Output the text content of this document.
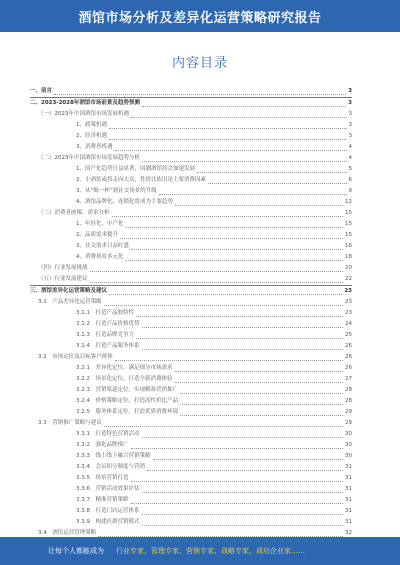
酒馆市场分析及差异化运营策略研究报告
内容目录
一、前言	3
二、2023-2028年酒馆市场前景及趋势预测	3
（一）2023年中国酒馆市场发展机遇	3
1、政策机遇	3
2、经济机遇	3
3、消费者机遇	4
（二）2023年中国酒馆市场发展趋势分析	4
1、国产化趋势日益显著，国潮酒馆将会加速发展	5
2、小酒馆或将走向大众，性价比依旧是主要消费因素	6
3、从“喝一杯”到社交场景的升级	9
4、酒馆品牌化、连锁化将成为主要趋势	12
（三）消费者画像、需求分析	15
1、年轻化、中产化	15
2、品质需求提升	15
3、社交需求日益旺盛	16
4、消费场景多元化	18
（四）行业发展挑战	20
（五）行业发展建议	22
三、酒馆差异化运营策略及建议	23
3.1　产品差异化运营策略	23
3.1.1　打造产品独特性	23
3.1.2　打造产品价格优势	24
3.1.3　打造品牌竞争力	25
3.1.4　打造产品服务体系	26
3.2　市场定位及目标客户群体	26
3.2.1　差异化定位，满足细分市场需求	26
3.2.2　场景化定位，打造全新消费体验	27
3.2.3　营销渠道定位，实现精准营销推广	28
3.2.4　价格策略定位，打造高性价比产品	28
3.2.5　服务体系定位，打造优质消费环境	29
3.3　营销推广策略与建议	29
3.3.1　打造特色营销活动	30
3.3.2　强化品牌推广	30
3.3.3　线上线下融合营销策略	30
3.3.4　会员积分制度与营销	31
3.3.5　场景营销打造	31
3.3.6　营销活动效果评估	31
3.3.7　精准营销策略	31
3.3.8　打造门店运营体系	31
3.3.9　构建社群营销模式	31
3.4　酒馆运营管理策略	32
让每个人都能成为 行业专家、管理专家、营销专家、战略专家、成功企业家……
